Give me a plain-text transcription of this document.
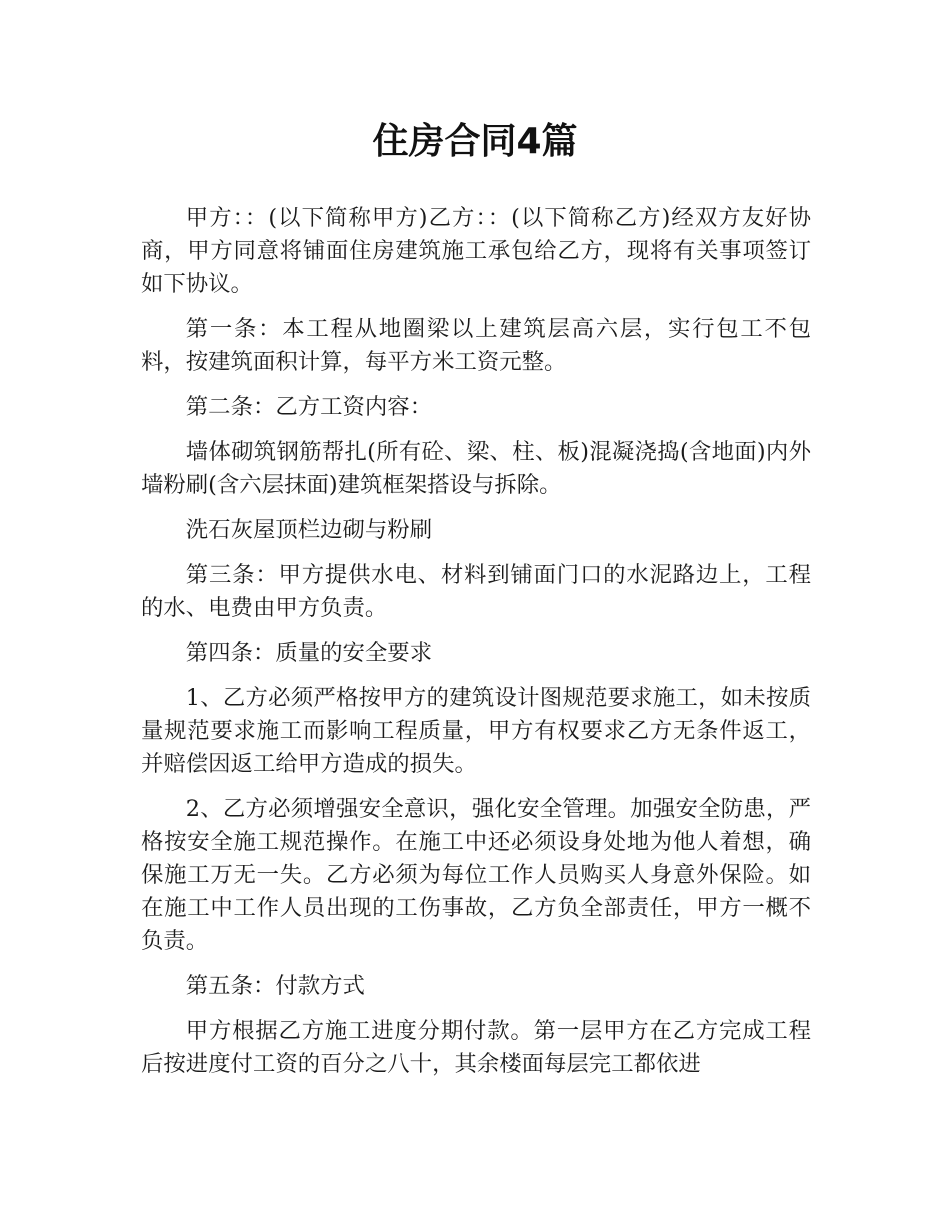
住房合同4篇

甲方：：(以下简称甲方)乙方：：(以下简称乙方)经双方友好协商，甲方同意将铺面住房建筑施工承包给乙方，现将有关事项签订如下协议。

第一条：本工程从地圈梁以上建筑层高六层，实行包工不包料，按建筑面积计算，每平方米工资元整。

第二条：乙方工资内容：

墙体砌筑钢筋帮扎(所有砼、梁、柱、板)混凝浇捣(含地面)内外墙粉刷(含六层抹面)建筑框架搭设与拆除。

洗石灰屋顶栏边砌与粉刷

第三条：甲方提供水电、材料到铺面门口的水泥路边上，工程的水、电费由甲方负责。

第四条：质量的安全要求

1、乙方必须严格按甲方的建筑设计图规范要求施工，如未按质量规范要求施工而影响工程质量，甲方有权要求乙方无条件返工，并赔偿因返工给甲方造成的损失。

2、乙方必须增强安全意识，强化安全管理。加强安全防患，严格按安全施工规范操作。在施工中还必须设身处地为他人着想，确保施工万无一失。乙方必须为每位工作人员购买人身意外保险。如在施工中工作人员出现的工伤事故，乙方负全部责任，甲方一概不负责。

第五条：付款方式

甲方根据乙方施工进度分期付款。第一层甲方在乙方完成工程后按进度付工资的百分之八十，其余楼面每层完工都依进
